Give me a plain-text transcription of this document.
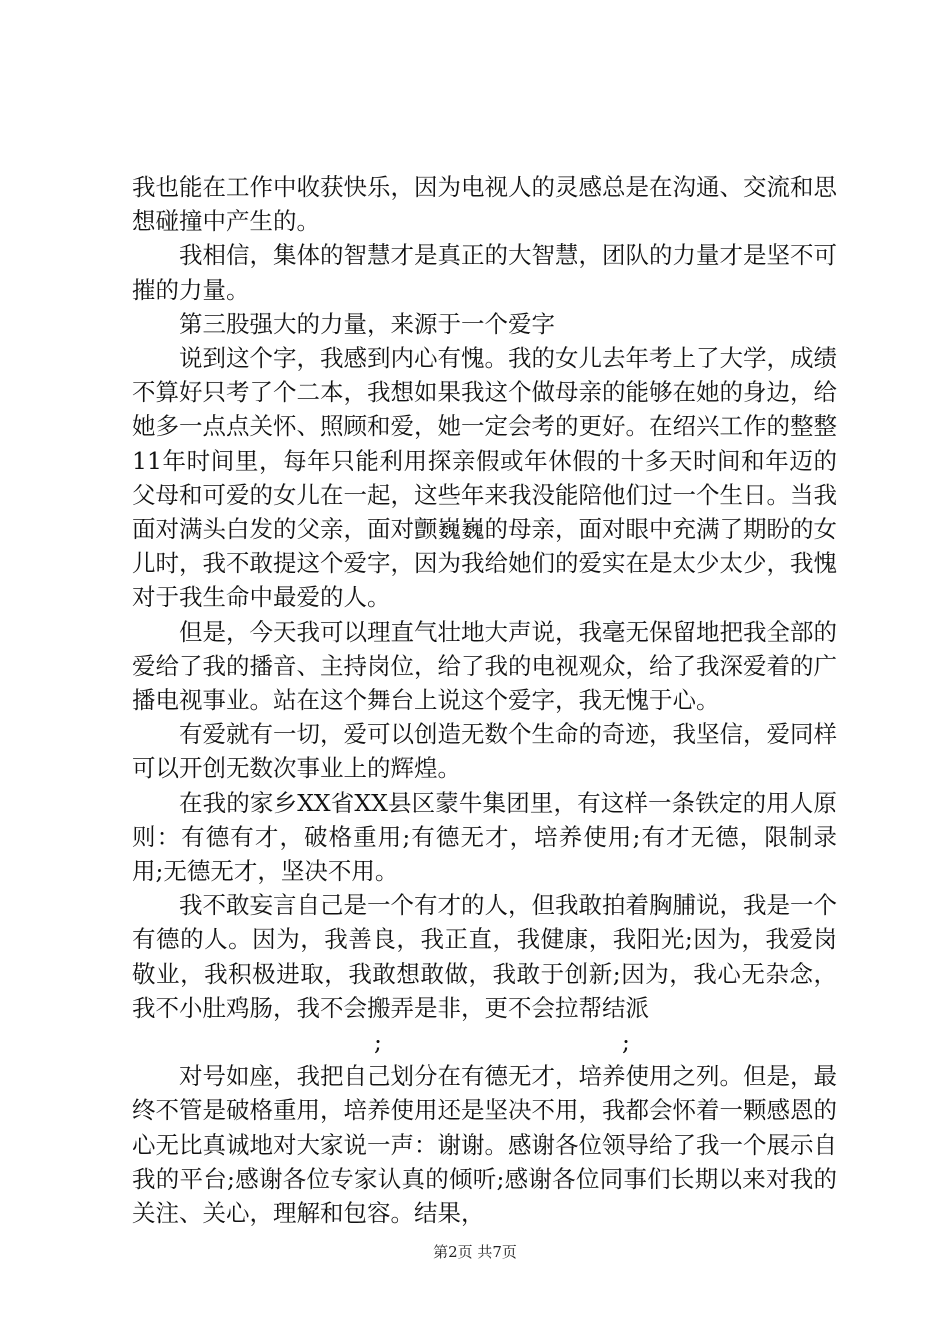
我也能在工作中收获快乐，因为电视人的灵感总是在沟通、交流和思想碰撞中产生的。

我相信，集体的智慧才是真正的大智慧，团队的力量才是坚不可摧的力量。

第三股强大的力量，来源于一个爱字

说到这个字，我感到内心有愧。我的女儿去年考上了大学，成绩不算好只考了个二本，我想如果我这个做母亲的能够在她的身边，给她多一点点关怀、照顾和爱，她一定会考的更好。在绍兴工作的整整11年时间里，每年只能利用探亲假或年休假的十多天时间和年迈的父母和可爱的女儿在一起，这些年来我没能陪他们过一个生日。当我面对满头白发的父亲，面对颤巍巍的母亲，面对眼中充满了期盼的女儿时，我不敢提这个爱字，因为我给她们的爱实在是太少太少，我愧对于我生命中最爱的人。

但是，今天我可以理直气壮地大声说，我毫无保留地把我全部的爱给了我的播音、主持岗位，给了我的电视观众，给了我深爱着的广播电视事业。站在这个舞台上说这个爱字，我无愧于心。

有爱就有一切，爱可以创造无数个生命的奇迹，我坚信，爱同样可以开创无数次事业上的辉煌。

在我的家乡XX省XX县区蒙牛集团里，有这样一条铁定的用人原则：有德有才，破格重用;有德无才，培养使用;有才无德，限制录用;无德无才，坚决不用。

我不敢妄言自己是一个有才的人，但我敢拍着胸脯说，我是一个有德的人。因为，我善良，我正直，我健康，我阳光;因为，我爱岗敬业，我积极进取，我敢想敢做，我敢于创新;因为，我心无杂念，我不小肚鸡肠，我不会搬弄是非，更不会拉帮结派

;	;

对号如座，我把自己划分在有德无才，培养使用之列。但是，最终不管是破格重用，培养使用还是坚决不用，我都会怀着一颗感恩的心无比真诚地对大家说一声：谢谢。感谢各位领导给了我一个展示自我的平台;感谢各位专家认真的倾听;感谢各位同事们长期以来对我的关注、关心，理解和包容。结果，

第2页 共7页
